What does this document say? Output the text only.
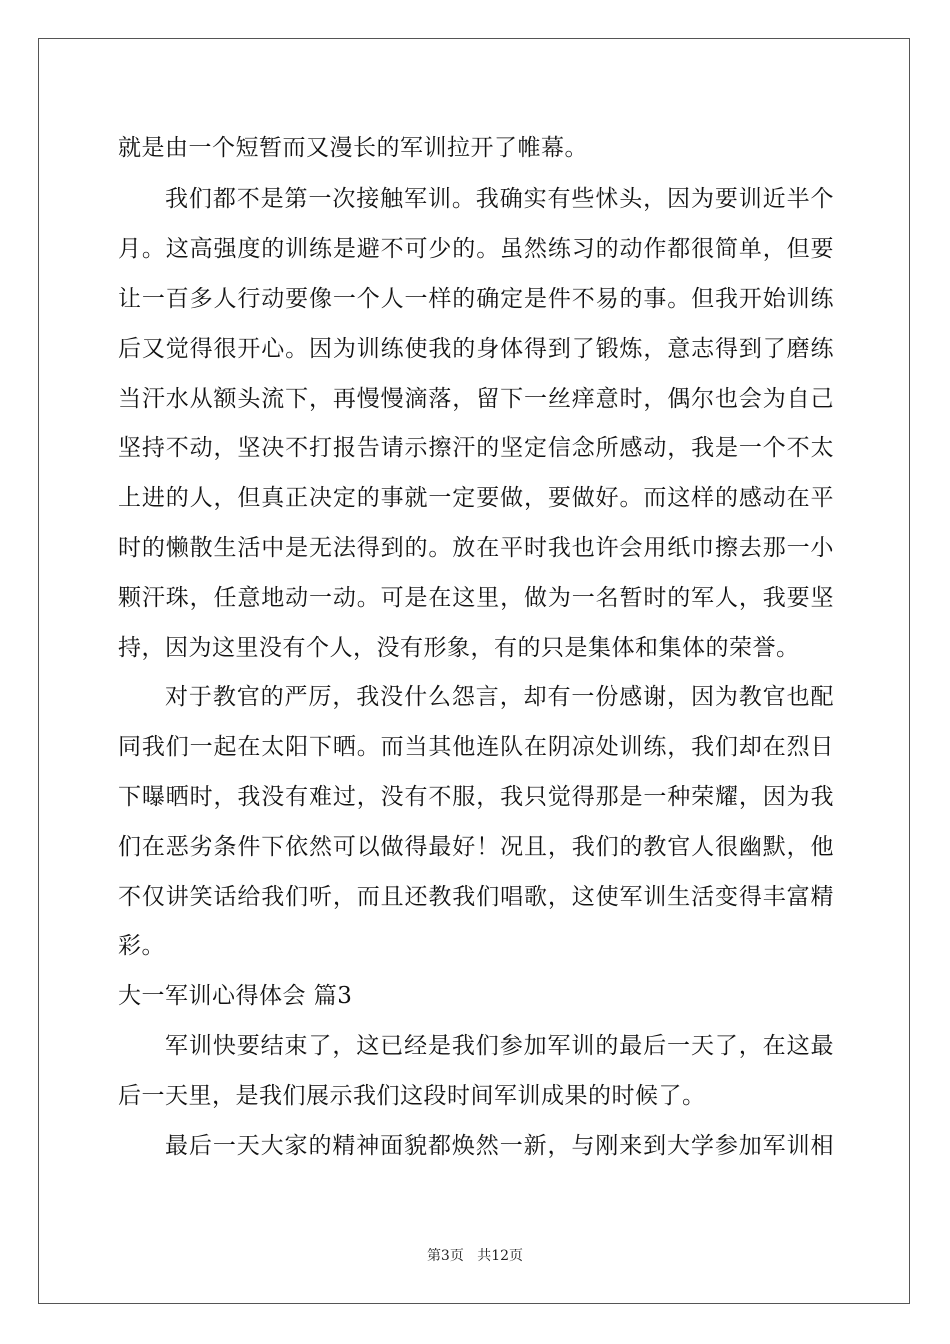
就是由一个短暂而又漫长的军训拉开了帷幕。
我们都不是第一次接触军训。我确实有些怵头，因为要训近半个
月。这高强度的训练是避不可少的。虽然练习的动作都很简单，但要
让一百多人行动要像一个人一样的确定是件不易的事。但我开始训练
后又觉得很开心。因为训练使我的身体得到了锻炼，意志得到了磨练
当汗水从额头流下，再慢慢滴落，留下一丝痒意时，偶尔也会为自己
坚持不动，坚决不打报告请示擦汗的坚定信念所感动，我是一个不太
上进的人，但真正决定的事就一定要做，要做好。而这样的感动在平
时的懒散生活中是无法得到的。放在平时我也许会用纸巾擦去那一小
颗汗珠，任意地动一动。可是在这里，做为一名暂时的军人，我要坚
持，因为这里没有个人，没有形象，有的只是集体和集体的荣誉。
对于教官的严厉，我没什么怨言，却有一份感谢，因为教官也配
同我们一起在太阳下晒。而当其他连队在阴凉处训练，我们却在烈日
下曝晒时，我没有难过，没有不服，我只觉得那是一种荣耀，因为我
们在恶劣条件下依然可以做得最好！况且，我们的教官人很幽默，他
不仅讲笑话给我们听，而且还教我们唱歌，这使军训生活变得丰富精
彩。
大一军训心得体会 篇3
军训快要结束了，这已经是我们参加军训的最后一天了，在这最
后一天里，是我们展示我们这段时间军训成果的时候了。
最后一天大家的精神面貌都焕然一新，与刚来到大学参加军训相
第3页 共12页
